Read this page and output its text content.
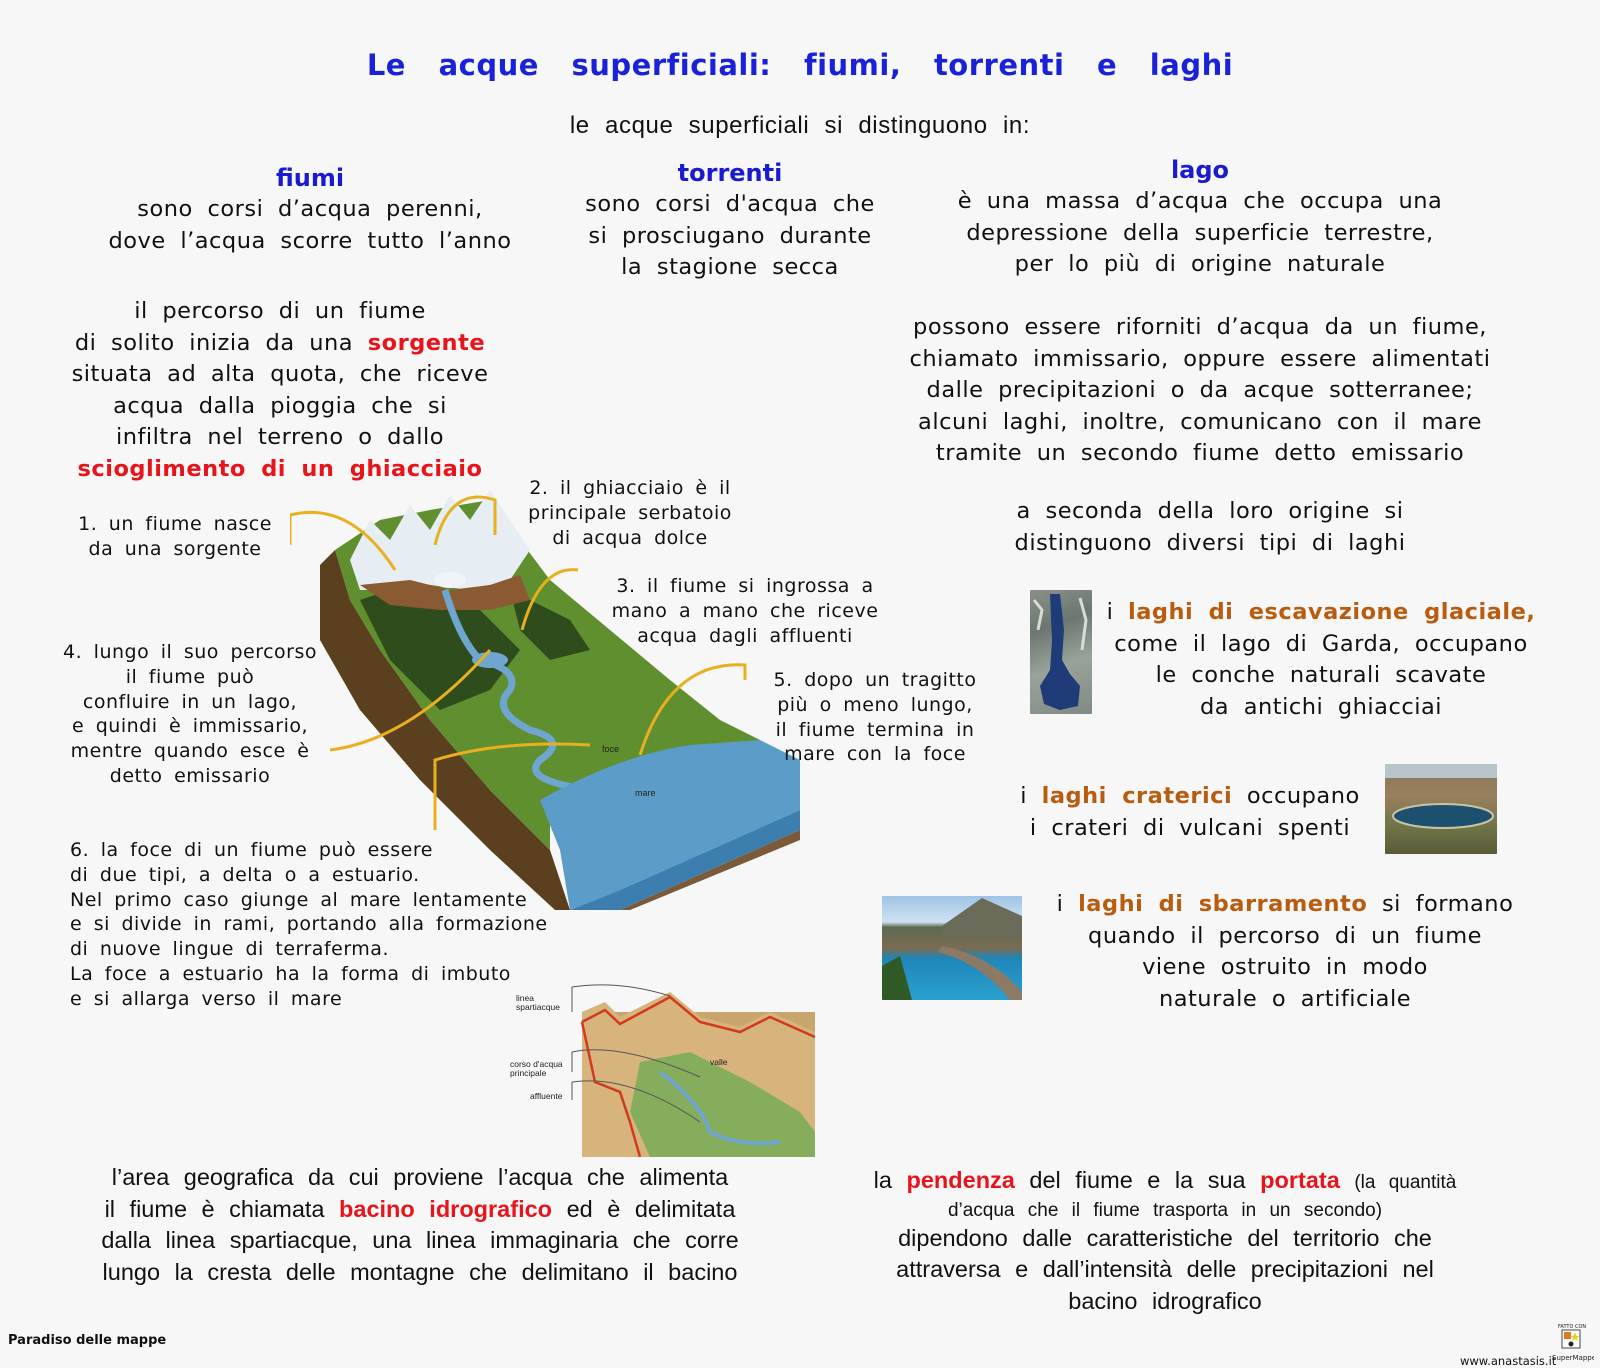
Le acque superficiali: fiumi, torrenti e laghi
le acque superficiali si distinguono in:
fiumi
sono corsi d’acqua perenni,
dove l’acqua scorre tutto l’anno
il percorso di un fiume
di solito inizia da una sorgente
situata ad alta quota, che riceve
acqua dalla pioggia che si
infiltra nel terreno o dallo
scioglimento di un ghiacciaio
torrenti
sono corsi d'acqua che
si prosciugano durante
la stagione secca
lago
è una massa d’acqua che occupa una
depressione della superficie terrestre,
per lo più di origine naturale
possono essere riforniti d’acqua da un fiume,
chiamato immissario, oppure essere alimentati
dalle precipitazioni o da acque sotterranee;
alcuni laghi, inoltre, comunicano con il mare
tramite un secondo fiume detto emissario
a seconda della loro origine si
distinguono diversi tipi di laghi
i laghi di escavazione glaciale,
come il lago di Garda, occupano
le conche naturali scavate
da antichi ghiacciai
i laghi craterici occupano
i crateri di vulcani spenti
i laghi di sbarramento si formano
quando il percorso di un fiume
viene ostruito in modo
naturale o artificiale
foce
mare
1. un fiume nasce
da una sorgente
2. il ghiacciaio è il
principale serbatoio
di acqua dolce
3. il fiume si ingrossa a
mano a mano che riceve
acqua dagli affluenti
4. lungo il suo percorso
il fiume può
confluire in un lago,
e quindi è immissario,
mentre quando esce è
detto emissario
5. dopo un tragitto
più o meno lungo,
il fiume termina in
mare con la foce
6. la foce di un fiume può essere
di due tipi, a delta o a estuario.
Nel primo caso giunge al mare lentamente
e si divide in rami, portando alla formazione
di nuove lingue di terraferma.
La foce a estuario ha la forma di imbuto
e si allarga verso il mare	linea spartiacque
corso d'acqua principale
affluente
valle
l’area geografica da cui proviene l’acqua che alimenta
il fiume è chiamata bacino idrografico ed è delimitata
dalla linea spartiacque, una linea immaginaria che corre
lungo la cresta delle montagne che delimitano il bacino
la pendenza del fiume e la sua portata (la quantità
d’acqua che il fiume trasporta in un secondo)
dipendono dalle caratteristiche del territorio che
attraversa e dall’intensità delle precipitazioni nel
bacino idrografico
Paradiso delle mappe
www.anastasis.it
FATTO CON
SuperMappe
